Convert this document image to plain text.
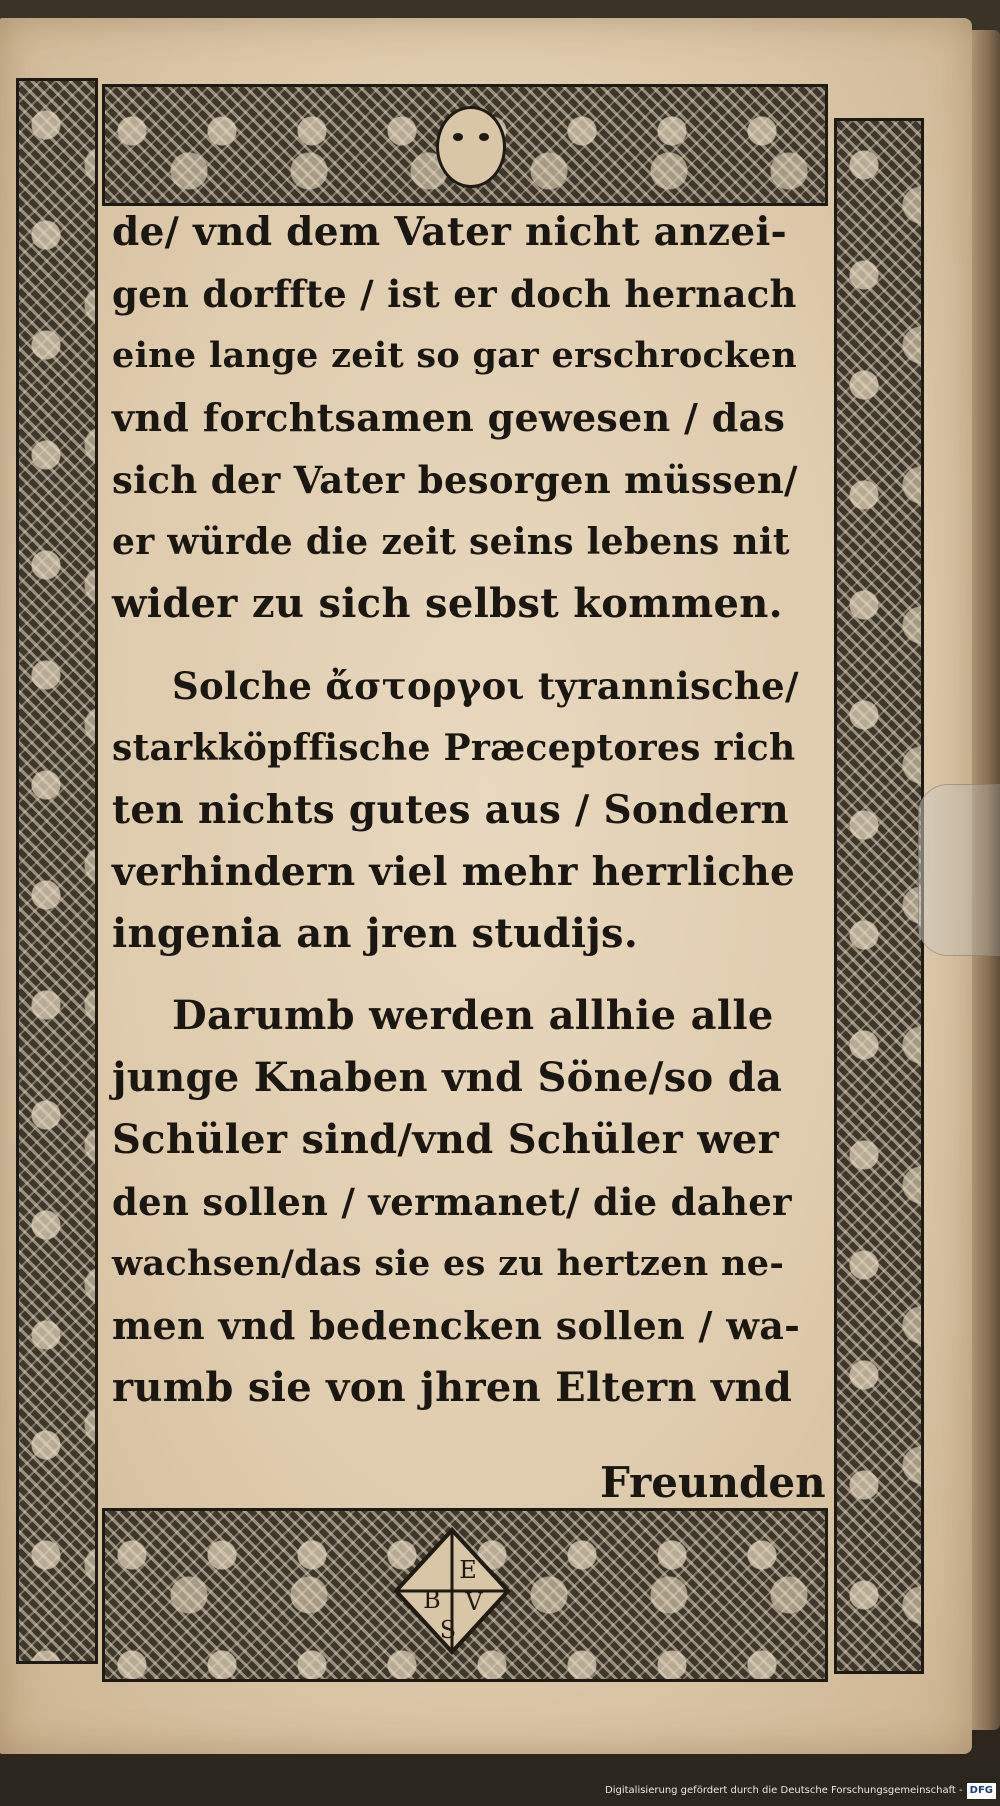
E
B V
S
de/ vnd dem Vater nicht anzei-
gen dorffte / ist er doch hernach
eine lange zeit so gar erschrocken
vnd forchtsamen gewesen / das
sich der Vater besorgen müssen/
er würde die zeit seins lebens nit
wider zu sich selbst kommen.
Solche ἄστοργοι tyrannische/
starkköpffische Præceptores rich
ten nichts gutes aus / Sondern
verhindern viel mehr herrliche
ingenia an jren studijs.
Darumb werden allhie alle
junge Knaben vnd Söne/so da
Schüler sind/vnd Schüler wer
den sollen / vermanet/ die daher
wachsen/das sie es zu hertzen ne-
men vnd bedencken sollen / wa-
rumb sie von jhren Eltern vnd
Freunden
Digitalisierung gefördert durch die Deutsche Forschungsgemeinschaft - DFG
